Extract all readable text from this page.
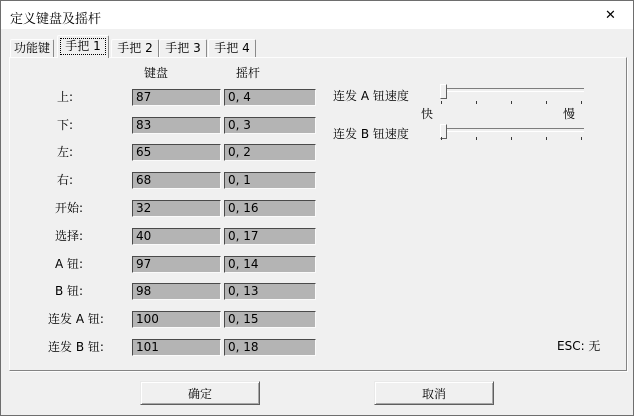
定义键盘及摇杆	✕
功能键	手把 1	手把 2	手把 3	手把 4
键盘	摇杆
上:	87	0, 4
下:	83	0, 3
左:	65	0, 2
右:	68	0, 1
开始:	32	0, 16
选择:	40	0, 17
A 钮:	97	0, 14
B 钮:	98	0, 13
连发 A 钮:	100	0, 15
连发 B 钮:	101	0, 18
连发 A 钮速度
快	慢
连发 B 钮速度
ESC: 无
确定	取消
